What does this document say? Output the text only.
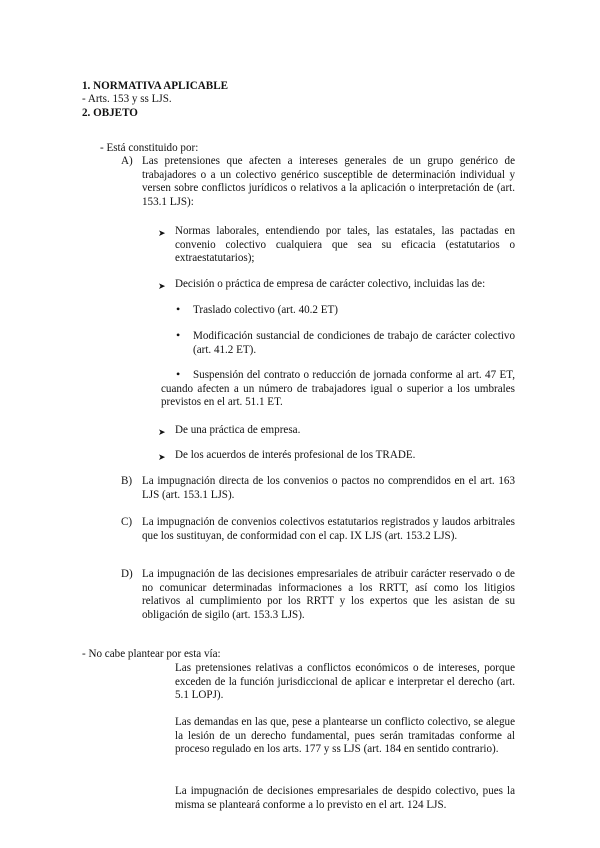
1. NORMATIVA APLICABLE
- Arts. 153 y ss LJS.
2. OBJETO
- Está constituido por:
A) Las pretensiones que afecten a intereses generales de un grupo genérico de trabajadores o a un colectivo genérico susceptible de determinación individual y versen sobre conflictos jurídicos o relativos a la aplicación o interpretación de (art. 153.1 LJS):
➤ Normas laborales, entendiendo por tales, las estatales, las pactadas en convenio colectivo cualquiera que sea su eficacia (estatutarios o extraestatutarios);
➤ Decisión o práctica de empresa de carácter colectivo, incluidas las de:
• Traslado colectivo (art. 40.2 ET)
• Modificación sustancial de condiciones de trabajo de carácter colectivo (art. 41.2 ET).
•	Suspensión del contrato o reducción de jornada conforme al art. 47 ET, cuando afecten a un número de trabajadores igual o superior a los umbrales previstos en el art. 51.1 ET.
➤ De una práctica de empresa.
➤ De los acuerdos de interés profesional de los TRADE.
B) La impugnación directa de los convenios o pactos no comprendidos en el art. 163 LJS (art. 153.1 LJS).
C) La impugnación de convenios colectivos estatutarios registrados y laudos arbitrales que los sustituyan, de conformidad con el cap. IX LJS (art. 153.2 LJS).
D) La impugnación de las decisiones empresariales de atribuir carácter reservado o de no comunicar determinadas informaciones a los RRTT, así como los litigios relativos al cumplimiento por los RRTT y los expertos que les asistan de su obligación de sigilo (art. 153.3 LJS).
- No cabe plantear por esta vía:
Las pretensiones relativas a conflictos económicos o de intereses, porque exceden de la función jurisdiccional de aplicar e interpretar el derecho (art. 5.1 LOPJ).
Las demandas en las que, pese a plantearse un conflicto colectivo, se alegue la lesión de un derecho fundamental, pues serán tramitadas conforme al proceso regulado en los arts. 177 y ss LJS (art. 184 en sentido contrario).
La impugnación de decisiones empresariales de despido colectivo, pues la misma se planteará conforme a lo previsto en el art. 124 LJS.
